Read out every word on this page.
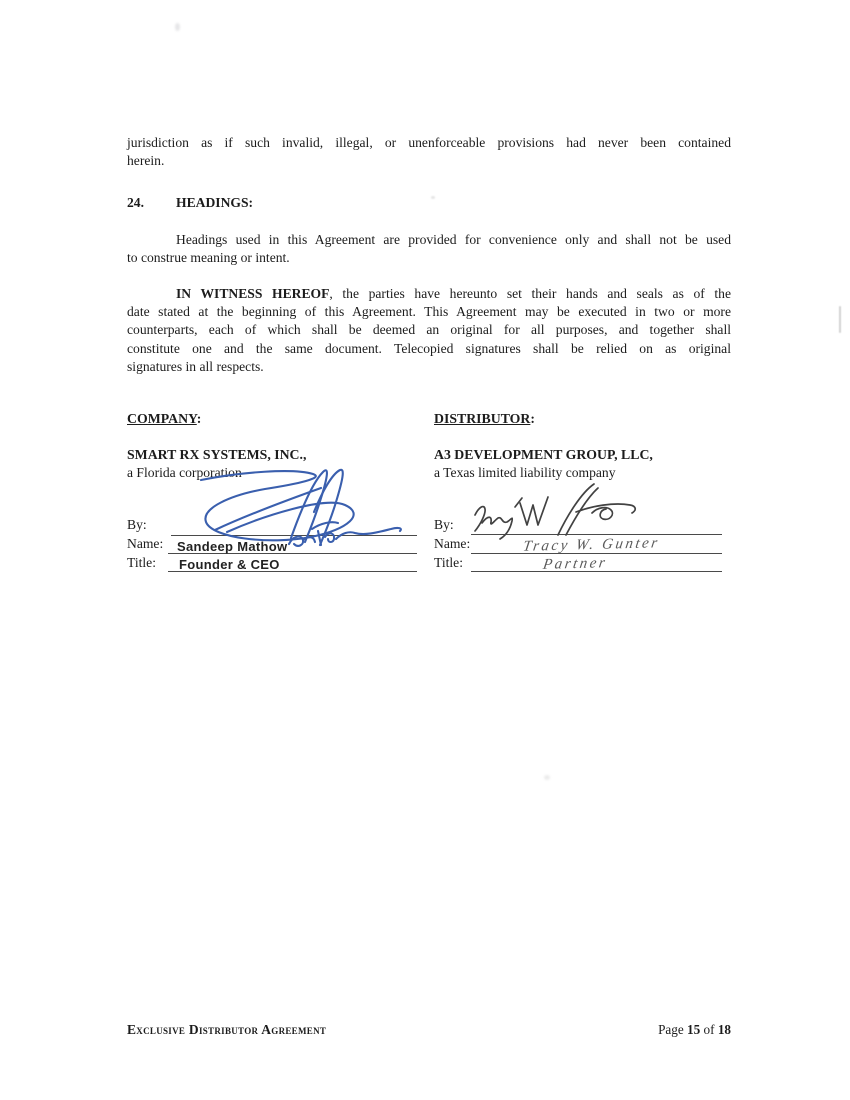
jurisdiction as if such invalid, illegal, or unenforceable provisions had never been contained
herein.
24. HEADINGS:
Headings used in this Agreement are provided for convenience only and shall not be used
to construe meaning or intent.
IN WITNESS HEREOF, the parties have hereunto set their hands and seals as of the
date stated at the beginning of this Agreement. This Agreement may be executed in two or more
counterparts, each of which shall be deemed an original for all purposes, and together shall
constitute one and the same document. Telecopied signatures shall be relied on as original
signatures in all respects.
COMPANY:
SMART RX SYSTEMS, INC.,
a Florida corporation
By:
Name: Sandeep Mathow
Title: Founder & CEO
DISTRIBUTOR:
A3 DEVELOPMENT GROUP, LLC,
a Texas limited liability company
By:
Name:	Tracy W. Gunter
Title:	Partner
Exclusive Distributor Agreement	Page 15 of 18
